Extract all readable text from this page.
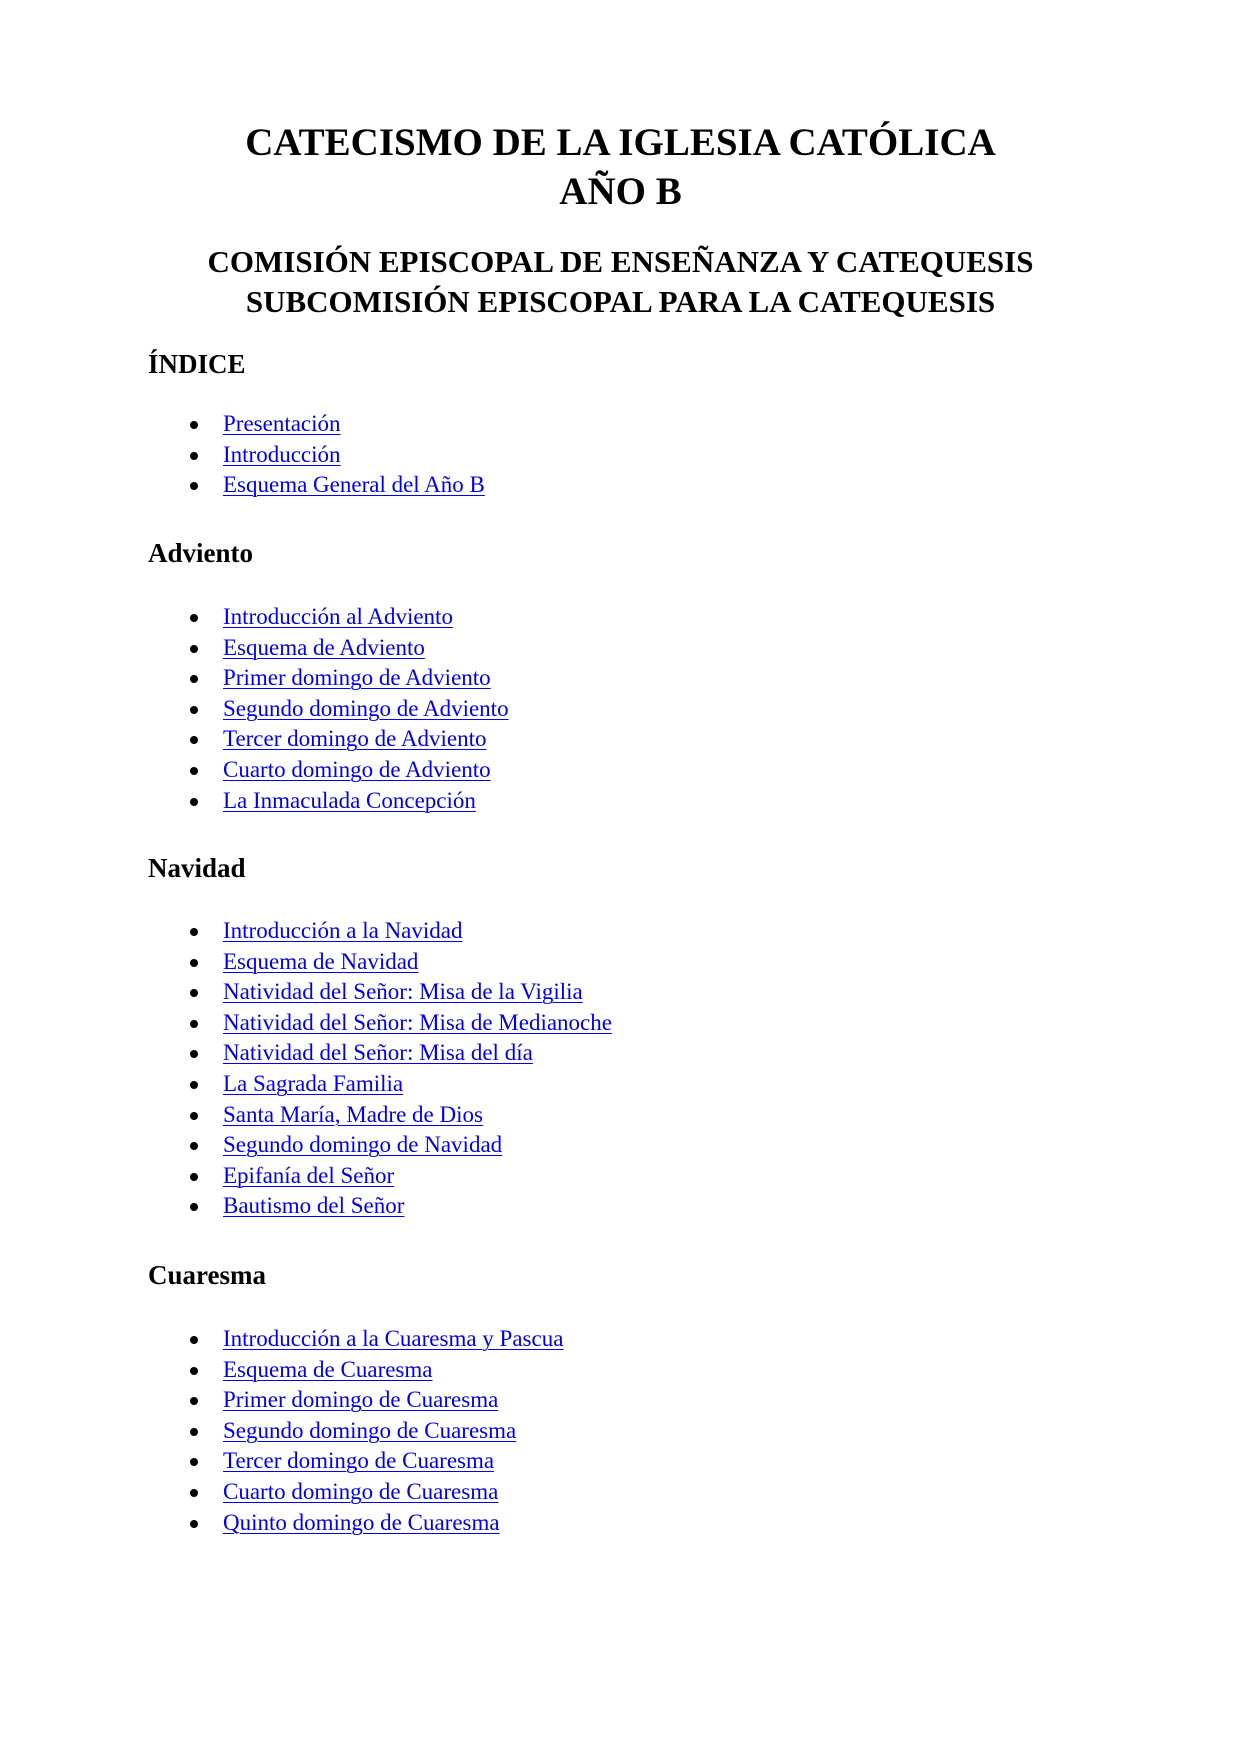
CATECISMO DE LA IGLESIA CATÓLICA
AÑO B
COMISIÓN EPISCOPAL DE ENSEÑANZA Y CATEQUESIS
SUBCOMISIÓN EPISCOPAL PARA LA CATEQUESIS
ÍNDICE
Presentación
Introducción
Esquema General del Año B
Adviento
Introducción al Adviento
Esquema de Adviento
Primer domingo de Adviento
Segundo domingo de Adviento
Tercer domingo de Adviento
Cuarto domingo de Adviento
La Inmaculada Concepción
Navidad
Introducción a la Navidad
Esquema de Navidad
Natividad del Señor: Misa de la Vigilia
Natividad del Señor: Misa de Medianoche
Natividad del Señor: Misa del día
La Sagrada Familia
Santa María, Madre de Dios
Segundo domingo de Navidad
Epifanía del Señor
Bautismo del Señor
Cuaresma
Introducción a la Cuaresma y Pascua
Esquema de Cuaresma
Primer domingo de Cuaresma
Segundo domingo de Cuaresma
Tercer domingo de Cuaresma
Cuarto domingo de Cuaresma
Quinto domingo de Cuaresma
